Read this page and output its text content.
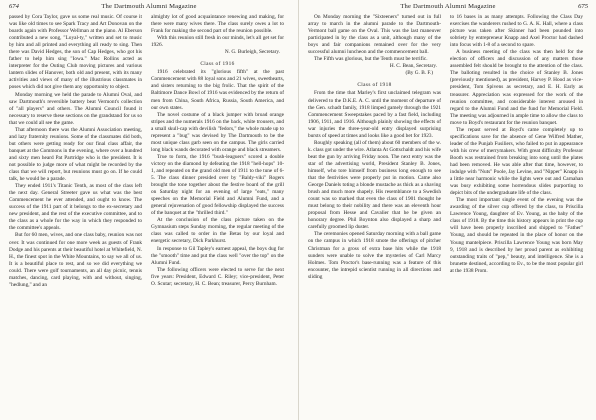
674	The Dartmouth Alumni Magazine

passed by Cora Taylor, gave us some real music. Of course it was like old times to see Spark Tracy and Art Donovan on the boards again with Professor Wellman at the piano. Al Eberson contributed a new song, "Loyal-ty," written and set to music by him and all printed and everything all ready to sing. Then there was David Hedges, the son of Cap Hedges, who got his father to help him sing "Iowa." Mac Rollins acted as interpreter for the Outing Club moving pictures and various lantern slides of Hanover, both old and present, with its many activities and views of many of the illustrious classmates in poses which did not give them any opportunity to object.

Monday morning we held the parade to Alumni Oval, and saw Dartmouth's reversible battery beat Vermont's collection of "all players" and others. The Alumni Council found it necessary to reserve these sections on the grandstand for us so that we could all see the game.

That afternoon there was the Alumni Association meeting, and lazy fraternity reunions. Some of the classmates did both, but others were getting ready for our final class affair, the banquet at the Commons in the evening, where over a hundred and sixty men heard Pat Partridge who is the president. It is not possible to judge more of what might be recorded by the class that we will report, but reunions must go on. If he could talk, he would be a parade.

They ended 1911's Titanic Tenth, as most of the class left the next day. General Streeter gave us what was the best Commencement he ever attended, and ought to know. The success of the 1911 part of it belongs to the ex-secretary and new president, and the rest of the executive committee, and to the class as a whole for the way in which they responded to the committee's appeals.

But for 60 men, wives, and one class baby, reunion was not over. It was continued for one more week as guests of Frank Dodge and his parents at their beautiful hotel at Whitefield, N. H., the finest spot in the White Mountains, to say we all of us. It is a beautiful place to rest, and so we did everything we could. There were golf tournaments, an all day picnic, tennis matches, dancing, card playing, with and without, singing, "hedlung," and an

almighty lot of good acquaintance renewing and making, for there were many wives there. The class surely owes a lot to Frank for making the second part of the reunion possible.

With this reunion still fresh in our minds, let's all get set for 1926.

N. G. Burleigh, Secretary.

Class of 1916

1916 celebrated its "glorious fifth" at the past Commencement with 88 loyal sons and 21 wives, sweethearts, and sisters returning to the big frolic. That the spirit of the Baltimore Dance Bowl of 1916 was evidenced by the return of men from China, South Africa, Russia, South America, and our own states.

The novel costume of a black jumper with broad orange stripes and the numerals 1916 on the back, white trousers, and a small skull-cap with devilish "fedors," the whole made up to represent a "bug" was devised by The Dartmouth to be the most unique class garb seen on the campus. The girls carried long black wands decorated with orange and black streamers.

True to form, the 1916 "bush-leaguers" scored a double victory on the diamond by defeating the 1918 "hell-hops" 10-1, and repeated on the grand old men of 1911 to the tune of 6-5. The class dinner presided over by "Baldy-viki" Rogers brought the tone together about the festive board of the grill on Saturday night for an evening of large "eats," many speeches on the Memorial Field and Alumni Fund, and a general rejuvenation of good fellowship displayed the success of the banquet at the "thrilled third."

At the conclusion of the class picture taken on the Gymnasium steps Sunday morning, the regular meeting of the class was called to order in the Betas by our loyal and energetic secretary, Dick Parkhurst.

In response to Gil Tapley's earnest appeal, the boys dug for the "smooth" time and put the class well "over the top" on the Alumni Fund.

The following officers were elected to serve for the next five years: President, Edward C. Riley; vice-president, Peter O. Scutar; secretary, H. C. Bean; treasurer, Percy Burnham.

The Dartmouth Alumni Magazine	675

On Monday morning the "Sixteeners" turned out in full array to march in the alumni parade to the Dartmouth-Vermont ball game on the Oval. This was the last maneuver participated in by the class as a unit, although many of the boys and fair companions remained over for the very successful alumni luncheon and the commencement ball.

The Fifth was glorious, but the Tenth must be terrific.

H. C. Bean, Secretary.

(By G. B. F.)

Class of 1918

From the time that Marley's first unclaimed telegram was delivered to the D.K.E. A. C. until the moment of departure of the Gen. schadt family, 1918 limped gamely through the 1921 Commencement Sweepstakes paced by a fast field, including 1906, 1911, and 1916. Although plainly showing the effects of war injuries the three-year-old entry displayed surprising bursts of speed at times and looks like a good bet for 1923.

Roughly speaking (all of them) about 60 members of the w. k. class got under the wire. Atlanta At Gottschaldt and his wife beat the gun by arriving Friday noon. The next entry was the star of the advertising world, President Stanley B. Jones, himself, who tore himself from business long enough to see that the festivities were properly put in motion. Came also George Daniels toting a blonde mustache as thick as a shaving brush and much more shapely. His resemblance to a Swedish count was so marked that even the class of 1901 thought he must belong to their nobility and there was an eleventh hour proposal from Hesse and Cavalier that he be given an honorary degree. Phil Boynton also displayed a sharp and carefully groomed lip duster.

The ceremonies opened Saturday morning with a ball game on the campus in which 1918 smote the offerings of pitcher Christman for a gross of extra base hits while the 1918 sunders were unable to solve the mysteries of Carl Marcy Holmes. Tom Proctor's base-running was a feature of this encounter, the intrepid scientist running in all directions and sliding

to 16 bases in as many attempts. Following the Class Day exercises the wanderers rushed to G. A. K. Hall, where a class picture was taken after Skinner had been pounded into sobriety by entrepreneur Knapp and Axel Proctor had dashed into focus with 1-8 of a second to spare.

A business meeting of the class was then held for the election of officers and discussion of any matters those assembled felt should be brought to the attention of the class. The balloting resulted in the choice of Stanley B. Jones (previously mentioned), as president, Harvey P. Hood as vice-president, Tom Spivens as secretary, and E. H. Early as treasurer. Appreciation was expressed for the work of the reunion committee, and considerable interest aroused in regard to the Alumni Fund and the fund for Memorial Field. The meeting was adjourned in ample time to allow the class to move to Boyd's restaurant for the reunion banquet.

The repast served at Boyd's came completely up to specifications save for the absence of Gene Wilfred Mather, leader of the Punjab Fusiliers, who failed to put in appearance with his crew of merrymakers. With great difficulty Professor Booth was restrained from breaking into song until the plates had been removed. He was able after that time, however, to indulge with "Nuts" Poole, Jay Levine, and "Nipper" Knapp in a little near harmonic while the lights were out and Carnahan was busy exhibiting some horrendous slides purporting to depict bits of the undergraduate life of the class.

The most important single event of the evening was the awarding of the silver cup offered by the class, to Priscilla Lawrence Young, daughter of Ev. Young, as the baby of the class of 1918. By the time this history appears in print the cup will have been properly inscribed and shipped to "Father" Young, and should be repeated in the place of honor on the Young mantelpiece. Priscilla Lawrence Young was born May 9, 1918 and is described by her proud parent as exhibiting outstanding traits of "pep," beauty, and intelligence. She is a brunette destined, according to Ev., to be the most popular girl at the 1938 Prom.
